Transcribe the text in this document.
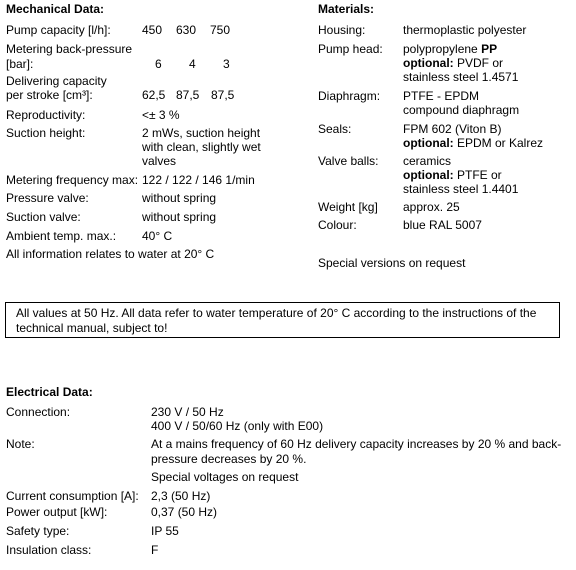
Mechanical Data:
Pump capacity [l/h]:	450 630 750
Metering back-pressure
[bar]:	6 4 3
Delivering capacity
per stroke [cm³]:	62,5 87,5 87,5
Reproductivity:	<± 3 %
Suction height:	2 mWs, suction height
with clean, slightly wet
valves
Metering frequency max: 122 / 122 / 146 1/min
Pressure valve:	without spring
Suction valve:	without spring
Ambient temp. max.: 40° C
All information relates to water at 20° C
Materials:
Housing:	thermoplastic polyester
Pump head: polypropylene PP
optional: PVDF or
stainless steel 1.4571
Diaphragm: PTFE - EPDM
compound diaphragm
Seals:	FPM 602 (Viton B)
optional: EPDM or Kalrez
Valve balls: ceramics
optional: PTFE or
stainless steel 1.4401
Weight [kg] approx. 25
Colour:	blue RAL 5007
Special versions on request
All values at 50 Hz. All data refer to water temperature of 20° C according to the instructions of the
technical manual, subject to!
Electrical Data:
Connection:	230 V / 50 Hz
400 V / 50/60 Hz (only with E00)
Note:	At a mains frequency of 60 Hz delivery capacity increases by 20 % and back-
pressure decreases by 20 %.
Special voltages on request
Current consumption [A]: 2,3 (50 Hz)
Power output [kW]:	0,37 (50 Hz)
Safety type:	IP 55
Insulation class:	F
